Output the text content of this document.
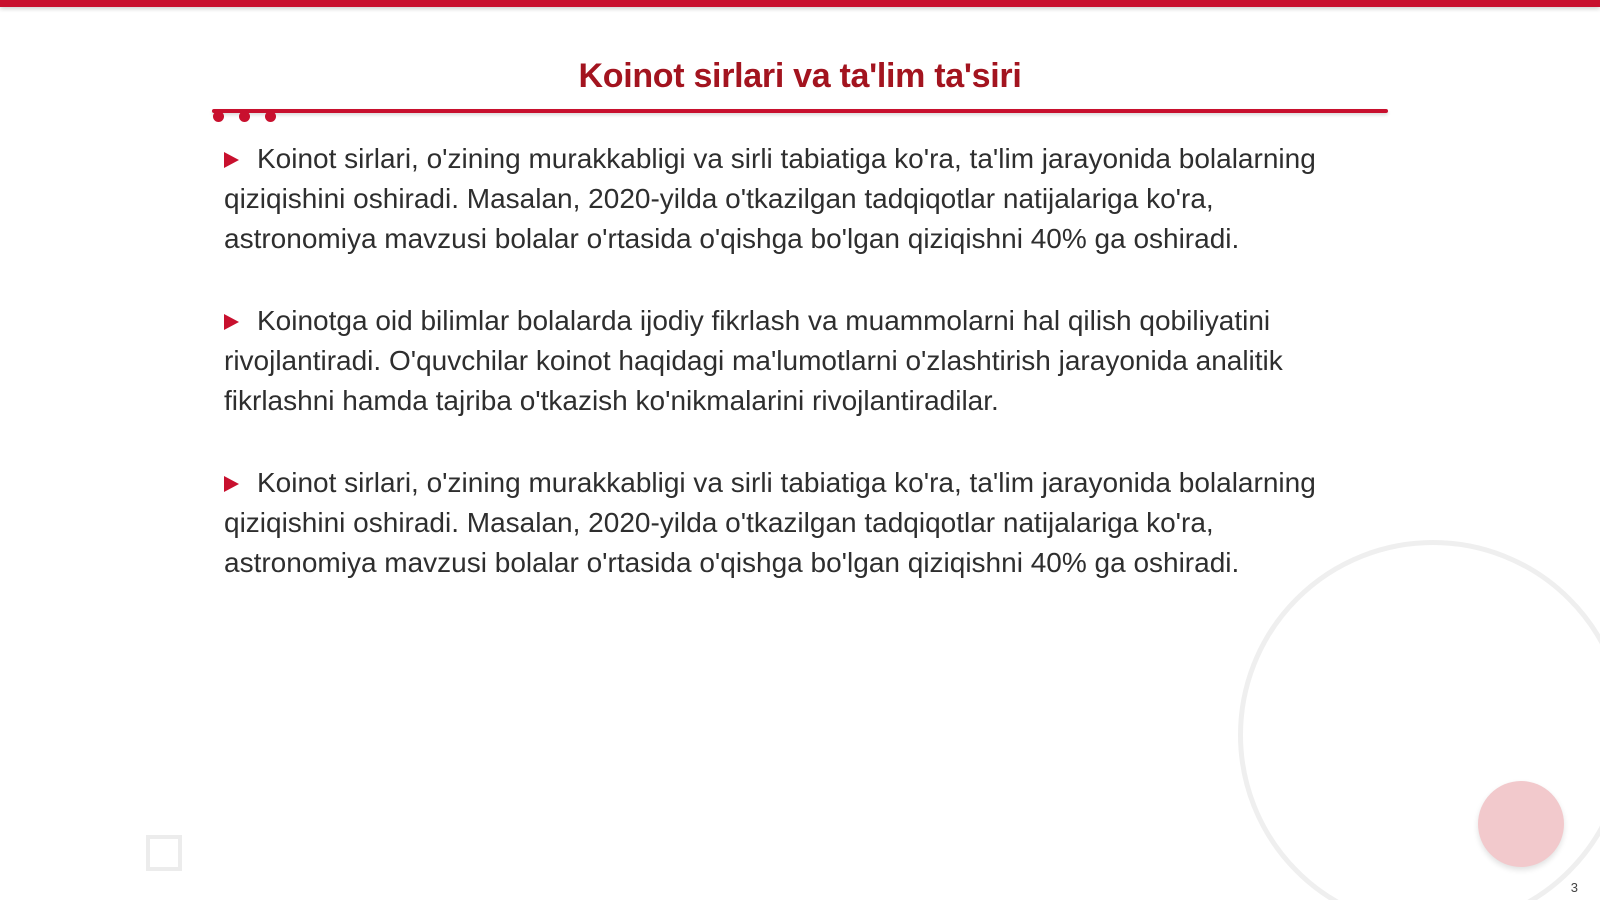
Koinot sirlari va ta'lim ta'siri

Koinot sirlari, o'zining murakkabligi va sirli tabiatiga ko'ra, ta'lim jarayonida bolalarning qiziqishini oshiradi. Masalan, 2020-yilda o'tkazilgan tadqiqotlar natijalariga ko'ra, astronomiya mavzusi bolalar o'rtasida o'qishga bo'lgan qiziqishni 40% ga oshiradi.

Koinotga oid bilimlar bolalarda ijodiy fikrlash va muammolarni hal qilish qobiliyatini rivojlantiradi. O'quvchilar koinot haqidagi ma'lumotlarni o'zlashtirish jarayonida analitik fikrlashni hamda tajriba o'tkazish ko'nikmalarini rivojlantiradilar.

Koinot sirlari, o'zining murakkabligi va sirli tabiatiga ko'ra, ta'lim jarayonida bolalarning qiziqishini oshiradi. Masalan, 2020-yilda o'tkazilgan tadqiqotlar natijalariga ko'ra, astronomiya mavzusi bolalar o'rtasida o'qishga bo'lgan qiziqishni 40% ga oshiradi.

3
